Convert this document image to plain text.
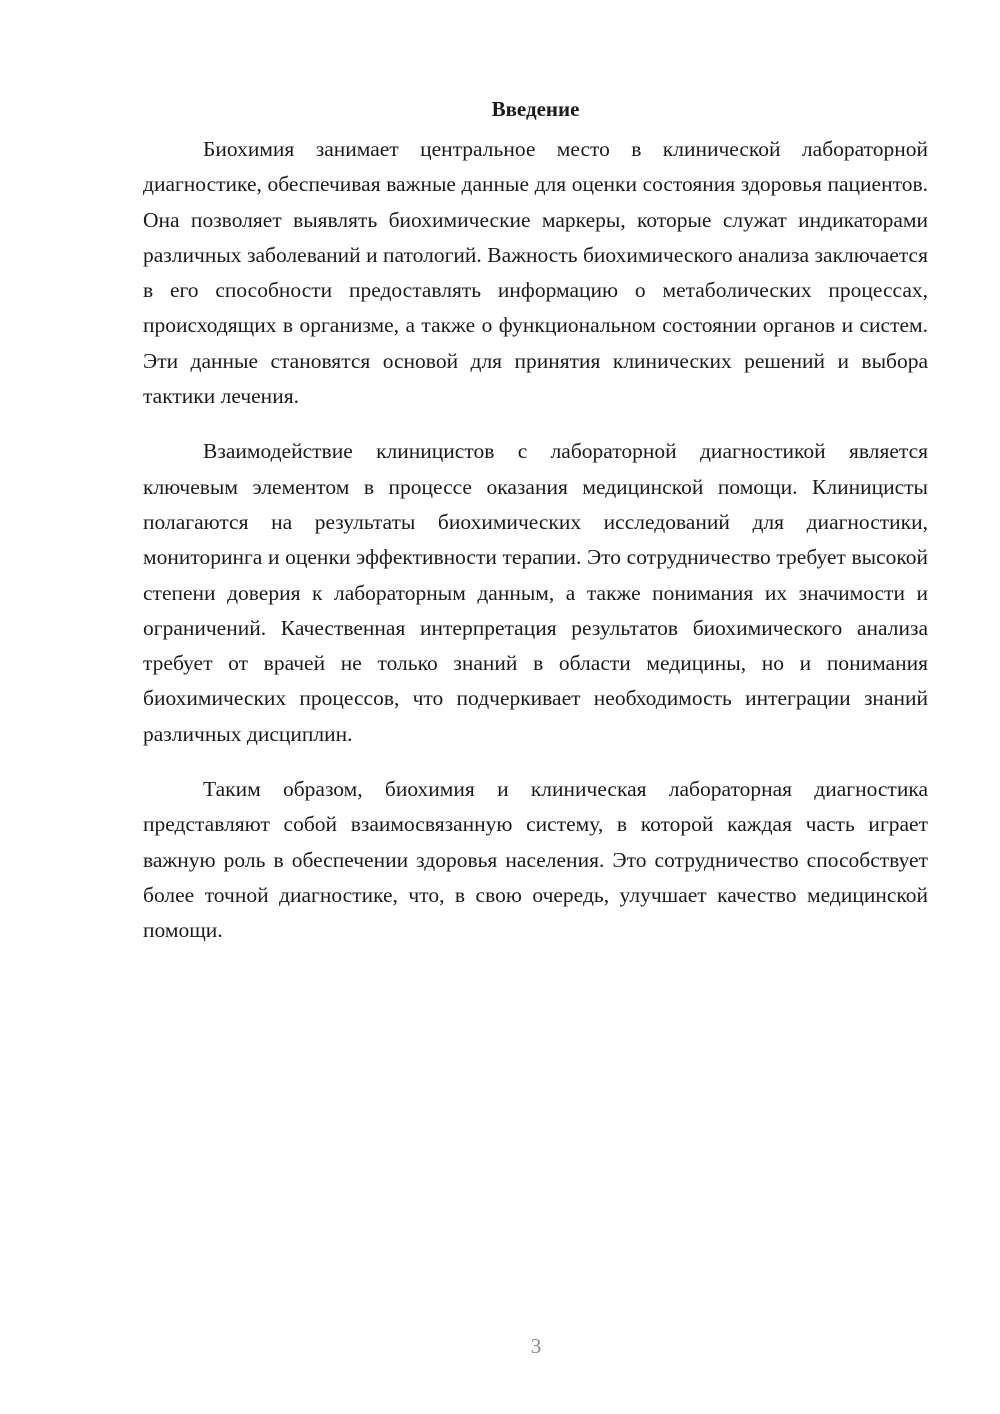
Введение

Биохимия занимает центральное место в клинической лабораторной диагностике, обеспечивая важные данные для оценки состояния здоровья пациентов. Она позволяет выявлять биохимические маркеры, которые служат индикаторами различных заболеваний и патологий. Важность биохимического анализа заключается в его способности предоставлять информацию о метаболических процессах, происходящих в организме, а также о функциональном состоянии органов и систем. Эти данные становятся основой для принятия клинических решений и выбора тактики лечения.

Взаимодействие клиницистов с лабораторной диагностикой является ключевым элементом в процессе оказания медицинской помощи. Клиницисты полагаются на результаты биохимических исследований для диагностики, мониторинга и оценки эффективности терапии. Это сотрудничество требует высокой степени доверия к лабораторным данным, а также понимания их значимости и ограничений. Качественная интерпретация результатов биохимического анализа требует от врачей не только знаний в области медицины, но и понимания биохимических процессов, что подчеркивает необходимость интеграции знаний различных дисциплин.

Таким образом, биохимия и клиническая лабораторная диагностика представляют собой взаимосвязанную систему, в которой каждая часть играет важную роль в обеспечении здоровья населения. Это сотрудничество способствует более точной диагностике, что, в свою очередь, улучшает качество медицинской помощи.

3
